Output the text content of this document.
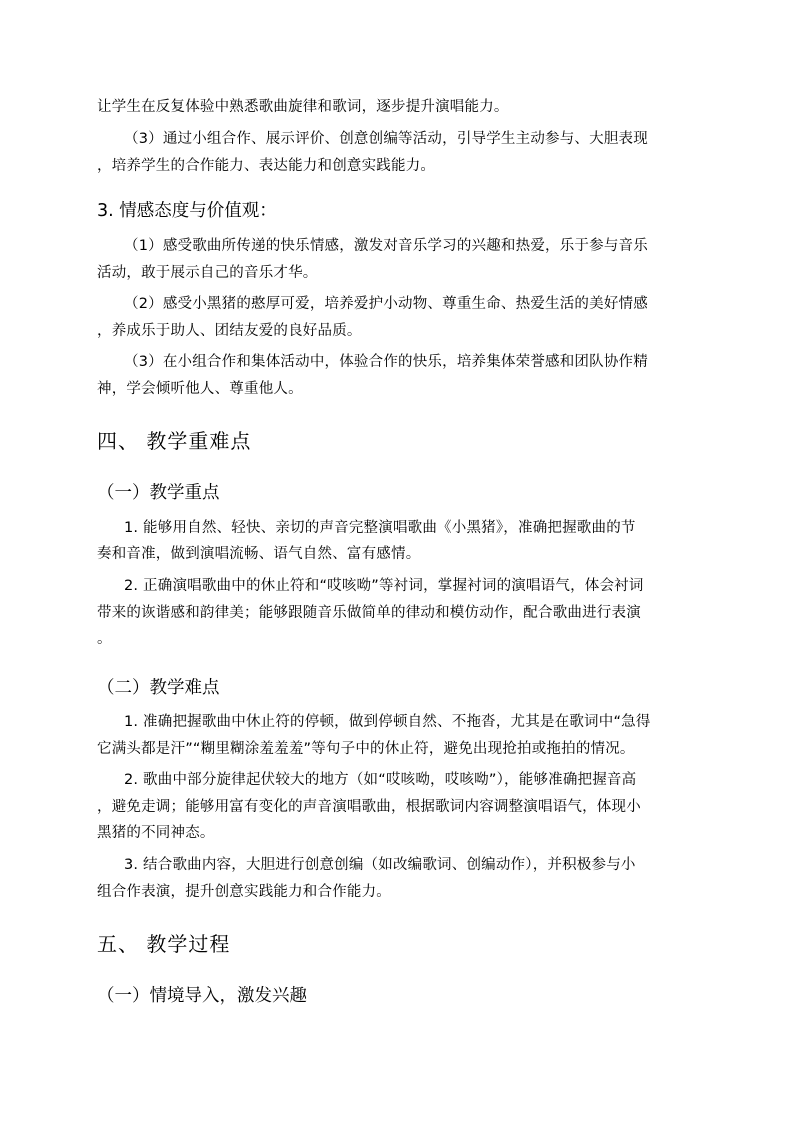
让学生在反复体验中熟悉歌曲旋律和歌词，逐步提升演唱能力。
（3）通过小组合作、展示评价、创意创编等活动，引导学生主动参与、大胆表现
，培养学生的合作能力、表达能力和创意实践能力。
3. 情感态度与价值观：
（1）感受歌曲所传递的快乐情感，激发对音乐学习的兴趣和热爱，乐于参与音乐
活动，敢于展示自己的音乐才华。
（2）感受小黑猪的憨厚可爱，培养爱护小动物、尊重生命、热爱生活的美好情感
，养成乐于助人、团结友爱的良好品质。
（3）在小组合作和集体活动中，体验合作的快乐，培养集体荣誉感和团队协作精
神，学会倾听他人、尊重他人。
四、 教学重难点
（一）教学重点
1. 能够用自然、轻快、亲切的声音完整演唱歌曲《小黑猪》，准确把握歌曲的节
奏和音准，做到演唱流畅、语气自然、富有感情。
2. 正确演唱歌曲中的休止符和“哎咳呦”等衬词，掌握衬词的演唱语气，体会衬词
带来的诙谐感和韵律美；能够跟随音乐做简单的律动和模仿动作，配合歌曲进行表演
。
（二）教学难点
1. 准确把握歌曲中休止符的停顿，做到停顿自然、不拖沓，尤其是在歌词中“急得
它满头都是汗”“糊里糊涂羞羞羞”等句子中的休止符，避免出现抢拍或拖拍的情况。
2. 歌曲中部分旋律起伏较大的地方（如“哎咳呦，哎咳呦”），能够准确把握音高
，避免走调；能够用富有变化的声音演唱歌曲，根据歌词内容调整演唱语气，体现小
黑猪的不同神态。
3. 结合歌曲内容，大胆进行创意创编（如改编歌词、创编动作），并积极参与小
组合作表演，提升创意实践能力和合作能力。
五、 教学过程
（一）情境导入，激发兴趣
